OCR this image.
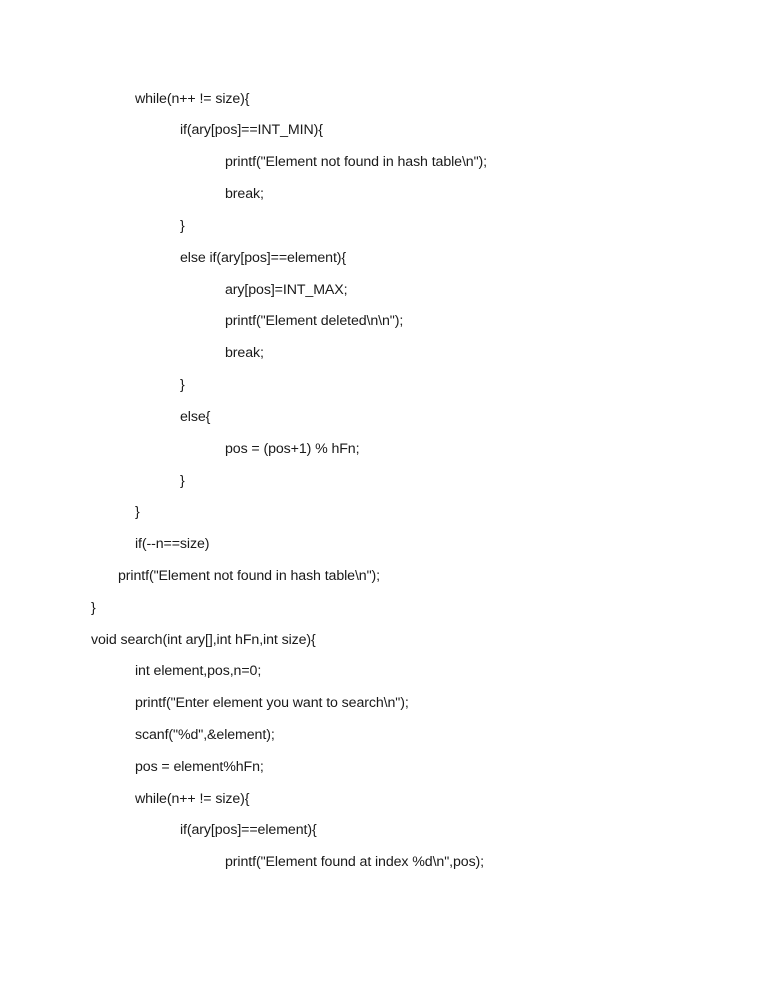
while(n++ != size){
if(ary[pos]==INT_MIN){
printf("Element not found in hash table\n");
break;
}
else if(ary[pos]==element){
ary[pos]=INT_MAX;
printf("Element deleted\n\n");
break;
}
else{
pos = (pos+1) % hFn;
}
}
if(--n==size)
printf("Element not found in hash table\n");
}
void search(int ary[],int hFn,int size){
int element,pos,n=0;
printf("Enter element you want to search\n");
scanf("%d",&element);
pos = element%hFn;
while(n++ != size){
if(ary[pos]==element){
printf("Element found at index %d\n",pos);
